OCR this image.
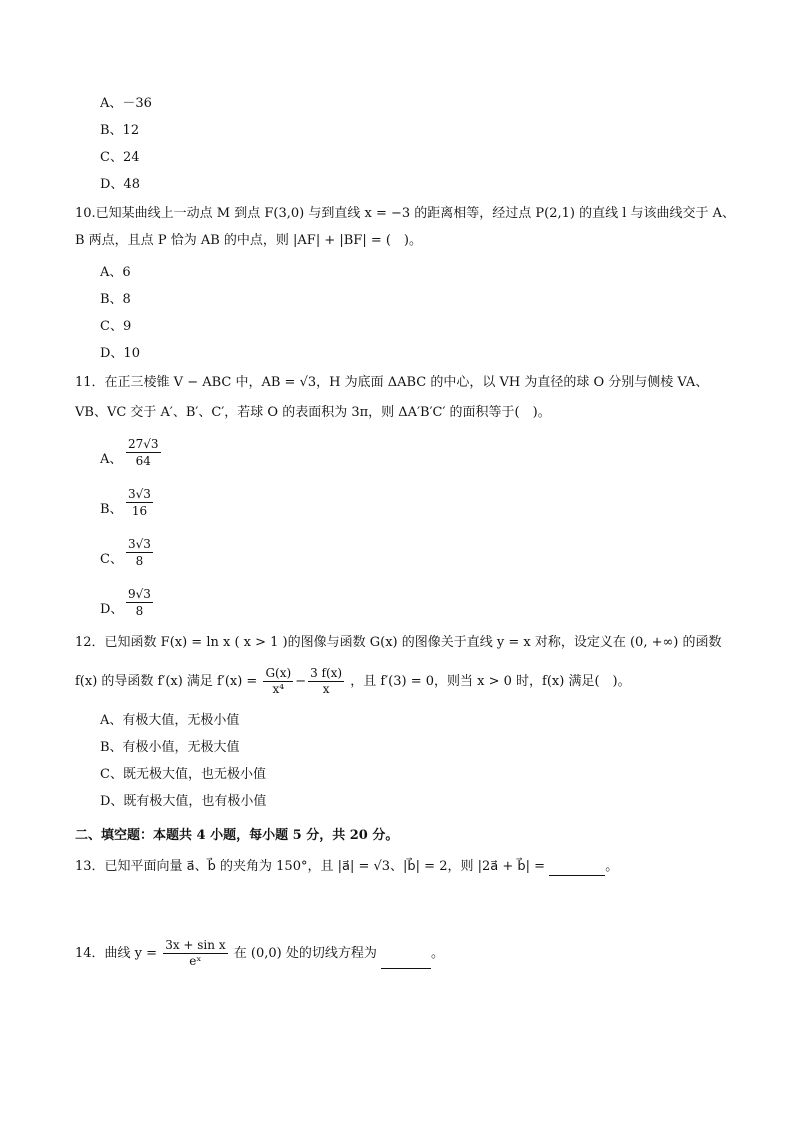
A、－36
B、12
C、24
D、48
10.已知某曲线上一动点 M 到点 F(3,0) 与到直线 x = −3 的距离相等，经过点 P(2,1) 的直线 l 与该曲线交于 A、
B 两点，且点 P 恰为 AB 的中点，则 |AF| + |BF| = (　)。
A、6
B、8
C、9
D、10
11．在正三棱锥 V − ABC 中，AB = √3，H 为底面 ΔABC 的中心，以 VH 为直径的球 O 分别与侧棱 VA、
VB、VC 交于 A′、B′、C′，若球 O 的表面积为 3π，则 ΔA′B′C′ 的面积等于(　)。
A、
27√3
64
B、
3√3
16
C、
3√3
8
D、
9√3
8
12．已知函数 F(x) = ln x ( x > 1 )的图像与函数 G(x) 的图像关于直线 y = x 对称，设定义在 (0, +∞) 的函数
f(x) 的导函数 f′(x) 满足 $f'(x) = \frac{G(x)}{\text{x⁴}} - \frac{3 f(x)}{x}$ ，且 f′(3) = 0，则当 x > 0 时，f(x) 满足(　)。
A、有极大值，无极小值
B、有极小值，无极大值
C、既无极大值，也无极小值
D、既有极大值，也有极小值
二、填空题：本题共 4 小题，每小题 5 分，共 20 分。
13．已知平面向量 a⃗、b⃗ 的夹角为 150°，且 |a⃗| = √3、|b⃗| = 2，则 |2a⃗ + b⃗| =	。
14．曲线 $y = \frac{\text{3x + sin x}}{\text{eˣ}}$ 在 (0,0) 处的切线方程为	。
